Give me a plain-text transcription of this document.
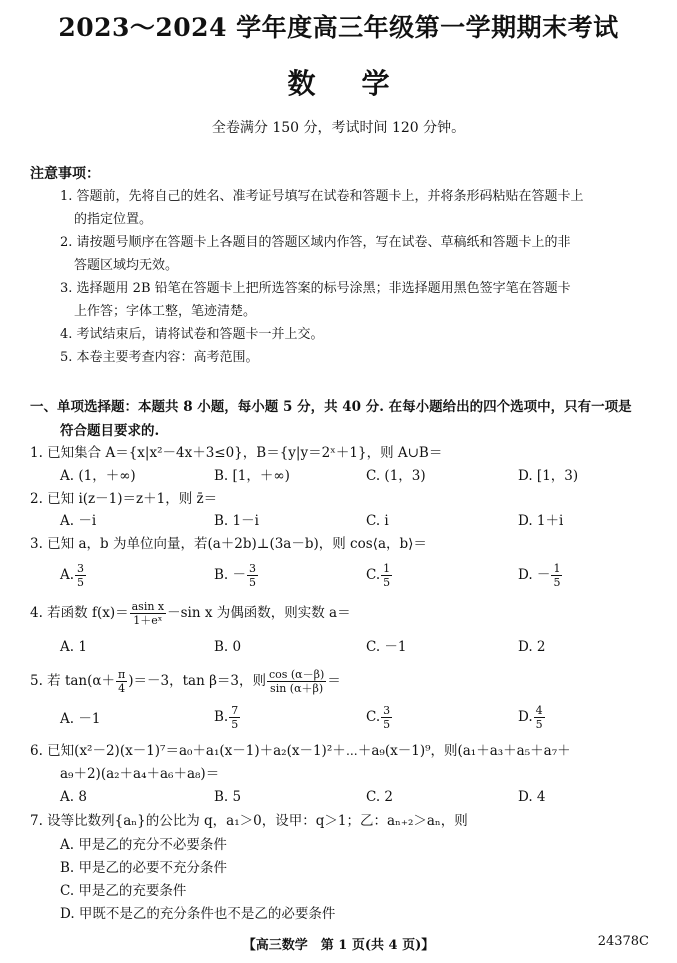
2023～2024 学年度高三年级第一学期期末考试
数学
全卷满分 150 分，考试时间 120 分钟。
注意事项：
1. 答题前，先将自己的姓名、准考证号填写在试卷和答题卡上，并将条形码粘贴在答题卡上
的指定位置。
2. 请按题号顺序在答题卡上各题目的答题区域内作答，写在试卷、草稿纸和答题卡上的非
答题区域均无效。
3. 选择题用 2B 铅笔在答题卡上把所选答案的标号涂黑；非选择题用黑色签字笔在答题卡
上作答；字体工整，笔迹清楚。
4. 考试结束后，请将试卷和答题卡一并上交。
5. 本卷主要考查内容：高考范围。
一、单项选择题：本题共 8 小题，每小题 5 分，共 40 分. 在每小题给出的四个选项中，只有一项是
符合题目要求的.
1. 已知集合 A＝{x|x²－4x＋3≤0}，B＝{y|y＝2ˣ＋1}，则 A∪B＝
A. (1，＋∞)	B. [1，＋∞)	C. (1，3)	D. [1，3)
2. 已知 i(z－1)＝z＋1，则 z̄＝
A. －i	B. 1－i	C. i	D. 1＋i
3. 已知 a，b 为单位向量，若(a＋2b)⊥(3a－b)，则 cos⟨a，b⟩＝
A. $\frac{3}{5}$	B. － $\frac{3}{5}$	C. $\frac{1}{5}$	D. － $\frac{1}{5}$
4. 若函数 $f(x)= \frac{\text{asin x}}{\text{1＋eˣ}} -\sin$ x 为偶函数，则实数 a＝
A. 1	B. 0	C. －1	D. 2
5. 若 $\tan(\alpha+ \frac{\pi}{4} )=-3$，tan β＝3，则 $\frac{\cos (\alpha-\beta)}{\sin (\alpha+\beta)}$ ＝
A. －1	B. $\frac{7}{5}$	C. $\frac{3}{5}$	D. $\frac{4}{5}$
6. 已知(x²－2)(x－1)⁷＝a₀＋a₁(x－1)＋a₂(x－1)²＋⋯＋a₉(x－1)⁹，则(a₁＋a₃＋a₅＋a₇＋
a₉＋2)(a₂＋a₄＋a₆＋a₈)＝
A. 8	B. 5	C. 2	D. 4
7. 设等比数列{aₙ}的公比为 q，a₁＞0，设甲：q＞1；乙：aₙ₊₂＞aₙ，则
A. 甲是乙的充分不必要条件
B. 甲是乙的必要不充分条件
C. 甲是乙的充要条件
D. 甲既不是乙的充分条件也不是乙的必要条件
【高三数学　第 1 页(共 4 页)】	24378C
